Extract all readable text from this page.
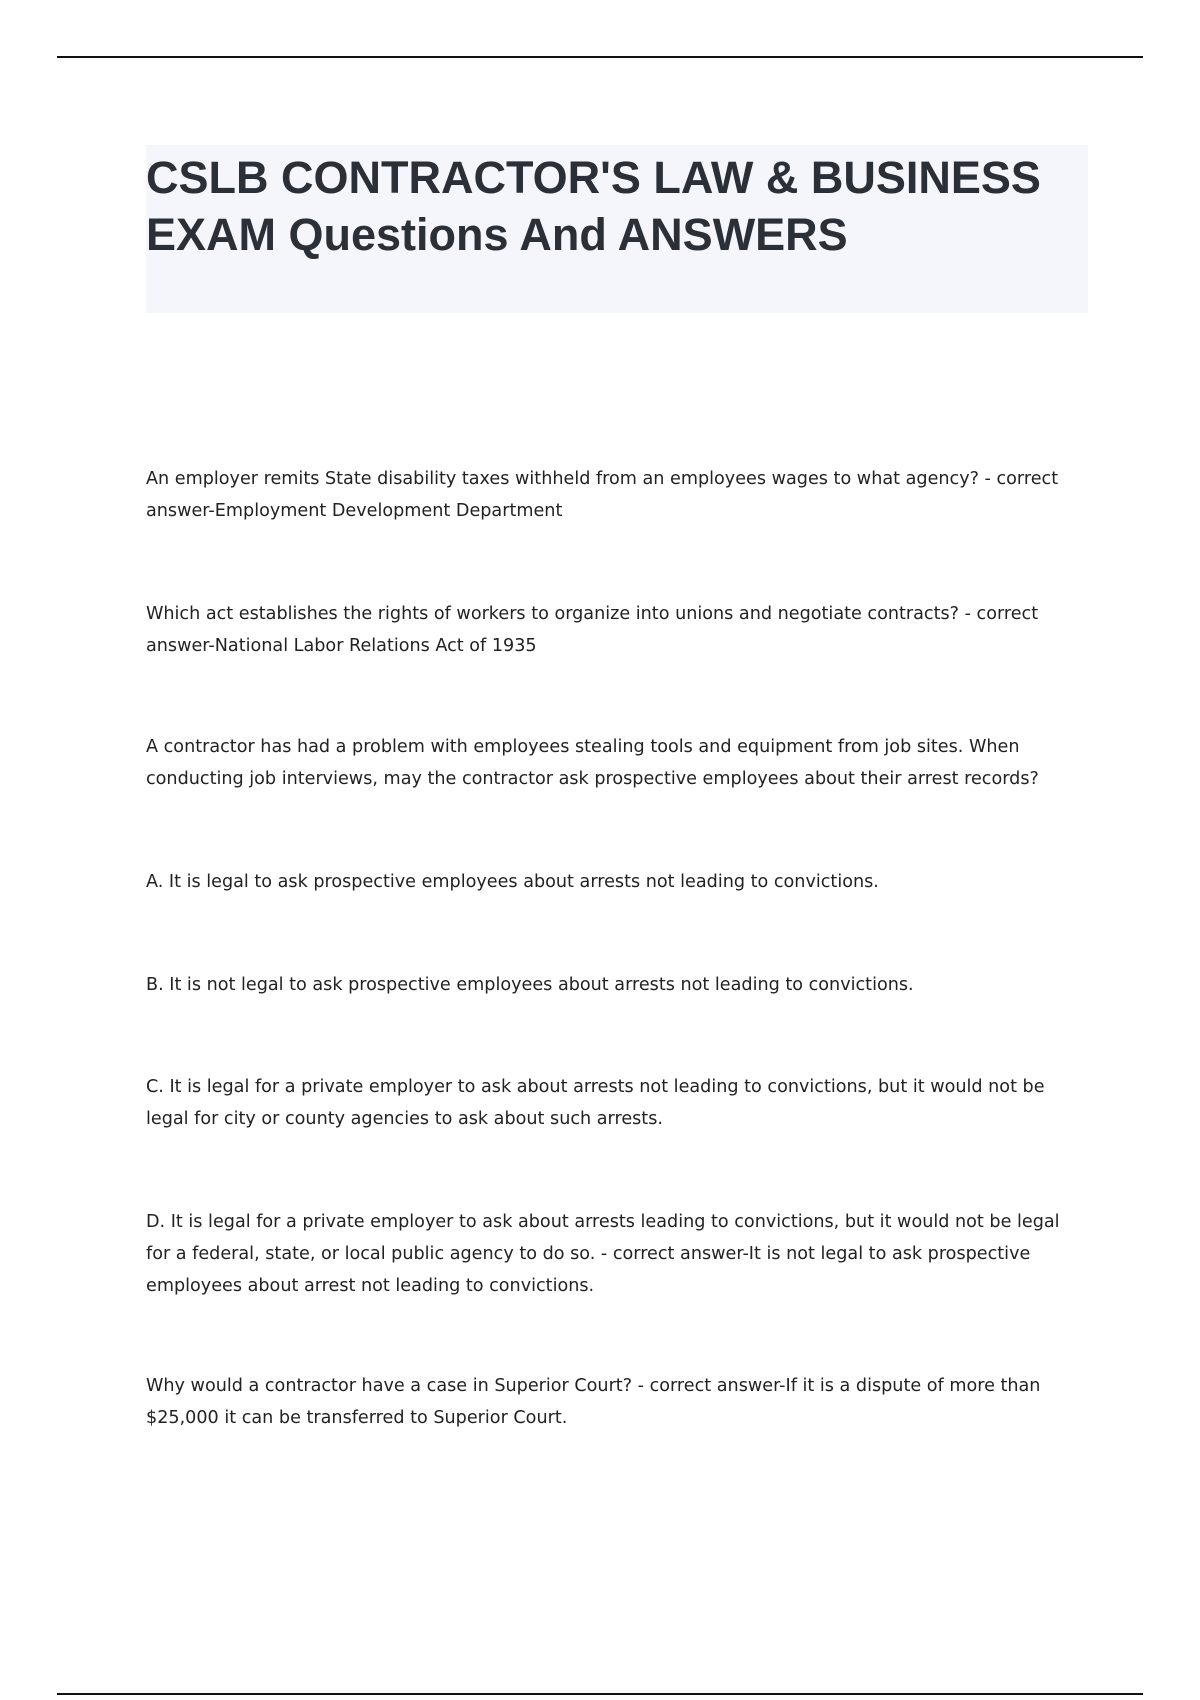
CSLB CONTRACTOR'S LAW & BUSINESS EXAM Questions And ANSWERS

An employer remits State disability taxes withheld from an employees wages to what agency? - correct answer-Employment Development Department

Which act establishes the rights of workers to organize into unions and negotiate contracts? - correct answer-National Labor Relations Act of 1935

A contractor has had a problem with employees stealing tools and equipment from job sites. When conducting job interviews, may the contractor ask prospective employees about their arrest records?

A. It is legal to ask prospective employees about arrests not leading to convictions.

B. It is not legal to ask prospective employees about arrests not leading to convictions.

C. It is legal for a private employer to ask about arrests not leading to convictions, but it would not be legal for city or county agencies to ask about such arrests.

D. It is legal for a private employer to ask about arrests leading to convictions, but it would not be legal for a federal, state, or local public agency to do so. - correct answer-It is not legal to ask prospective employees about arrest not leading to convictions.

Why would a contractor have a case in Superior Court? - correct answer-If it is a dispute of more than $25,000 it can be transferred to Superior Court.
